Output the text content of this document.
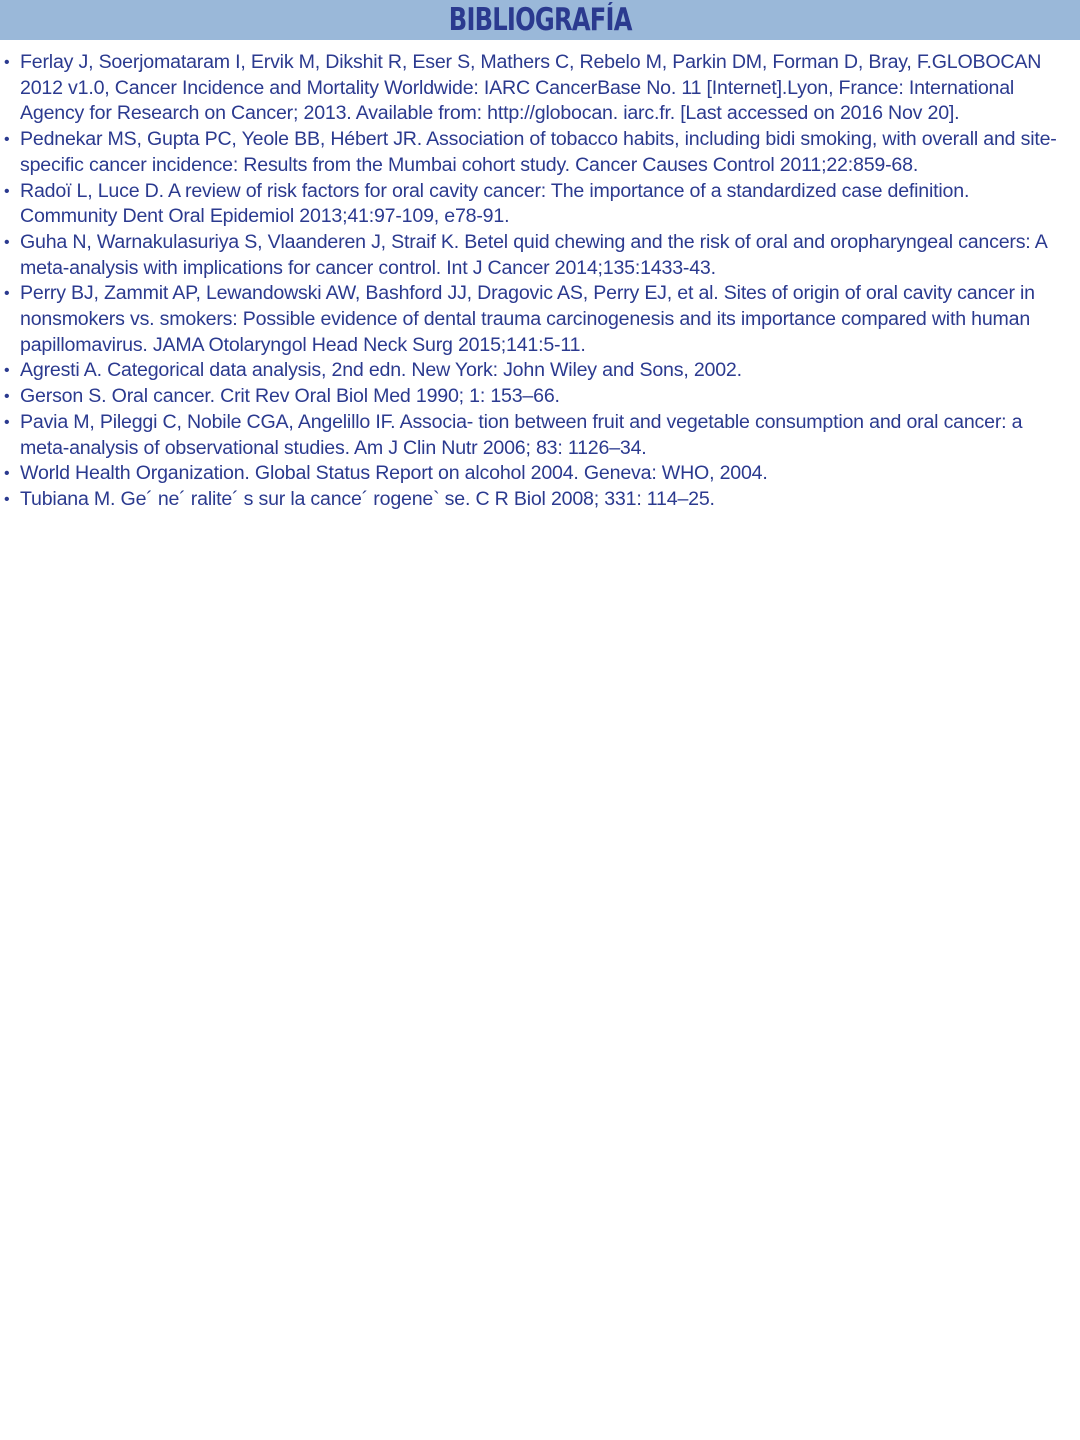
BIBLIOGRAFÍA
• Ferlay J, Soerjomataram I, Ervik M, Dikshit R, Eser S, Mathers C, Rebelo M, Parkin DM, Forman D, Bray, F.GLOBOCAN 2012 v1.0, Cancer Incidence and Mortality Worldwide: IARC CancerBase No. 11 [Internet].Lyon, France: International Agency for Research on Cancer; 2013. Available from: http://globocan. iarc.fr. [Last accessed on 2016 Nov 20].
• Pednekar MS, Gupta PC, Yeole BB, Hébert JR. Association of tobacco habits, including bidi smoking, with overall and site-specific cancer incidence: Results from the Mumbai cohort study. Cancer Causes Control 2011;22:859-68.
• Radoï L, Luce D. A review of risk factors for oral cavity cancer: The importance of a standardized case definition. Community Dent Oral Epidemiol 2013;41:97-109, e78-91.
• Guha N, Warnakulasuriya S, Vlaanderen J, Straif K. Betel quid chewing and the risk of oral and oropharyngeal cancers: A meta-analysis with implications for cancer control. Int J Cancer 2014;135:1433-43.
• Perry BJ, Zammit AP, Lewandowski AW, Bashford JJ, Dragovic AS, Perry EJ, et al. Sites of origin of oral cavity cancer in nonsmokers vs. smokers: Possible evidence of dental trauma carcinogenesis and its importance compared with human papillomavirus. JAMA Otolaryngol Head Neck Surg 2015;141:5-11.
• Agresti A. Categorical data analysis, 2nd edn. New York: John Wiley and Sons, 2002.
• Gerson S. Oral cancer. Crit Rev Oral Biol Med 1990; 1: 153–66.
• Pavia M, Pileggi C, Nobile CGA, Angelillo IF. Associa- tion between fruit and vegetable consumption and oral cancer: a meta-analysis of observational studies. Am J Clin Nutr 2006; 83: 1126–34.
• World Health Organization. Global Status Report on alcohol 2004. Geneva: WHO, 2004.
• Tubiana M. Ge´ ne´ ralite´ s sur la cance´ rogene` se. C R Biol 2008; 331: 114–25.
